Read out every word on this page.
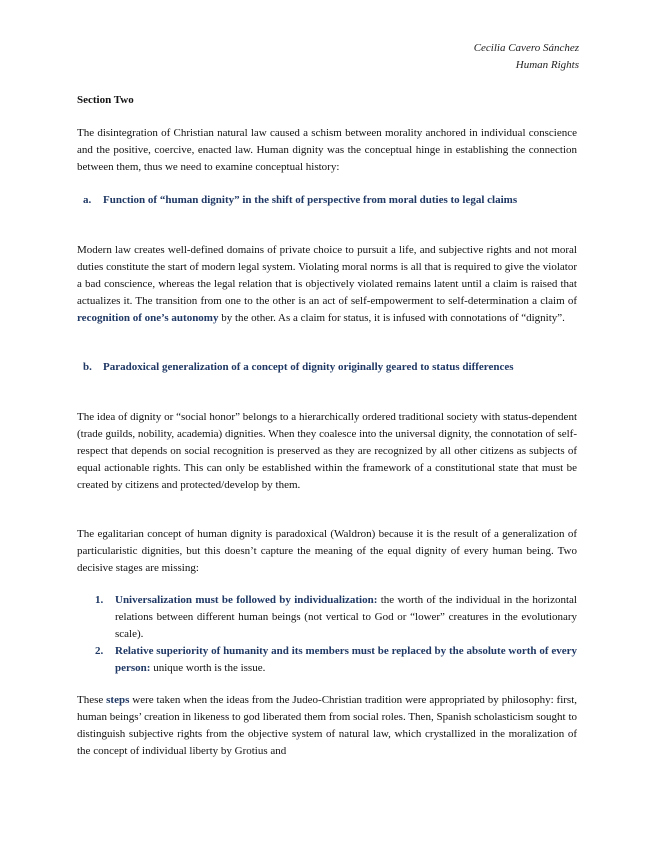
Cecilia Cavero Sánchez
Human Rights
Section Two
The disintegration of Christian natural law caused a schism between morality anchored in individual conscience and the positive, coercive, enacted law. Human dignity was the conceptual hinge in establishing the connection between them, thus we need to examine conceptual history:
a. Function of “human dignity” in the shift of perspective from moral duties to legal claims
Modern law creates well-defined domains of private choice to pursuit a life, and subjective rights and not moral duties constitute the start of modern legal system. Violating moral norms is all that is required to give the violator a bad conscience, whereas the legal relation that is objectively violated remains latent until a claim is raised that actualizes it. The transition from one to the other is an act of self-empowerment to self-determination a claim of recognition of one’s autonomy by the other. As a claim for status, it is infused with connotations of “dignity”.
b. Paradoxical generalization of a concept of dignity originally geared to status differences
The idea of dignity or “social honor” belongs to a hierarchically ordered traditional society with status-dependent (trade guilds, nobility, academia) dignities. When they coalesce into the universal dignity, the connotation of self-respect that depends on social recognition is preserved as they are recognized by all other citizens as subjects of equal actionable rights. This can only be established within the framework of a constitutional state that must be created by citizens and protected/develop by them.
The egalitarian concept of human dignity is paradoxical (Waldron) because it is the result of a generalization of particularistic dignities, but this doesn’t capture the meaning of the equal dignity of every human being. Two decisive stages are missing:
1. Universalization must be followed by individualization: the worth of the individual in the horizontal relations between different human beings (not vertical to God or “lower” creatures in the evolutionary scale).
2. Relative superiority of humanity and its members must be replaced by the absolute worth of every person: unique worth is the issue.
These steps were taken when the ideas from the Judeo-Christian tradition were appropriated by philosophy: first, human beings’ creation in likeness to god liberated them from social roles. Then, Spanish scholasticism sought to distinguish subjective rights from the objective system of natural law, which crystallized in the moralization of the concept of individual liberty by Grotius and
